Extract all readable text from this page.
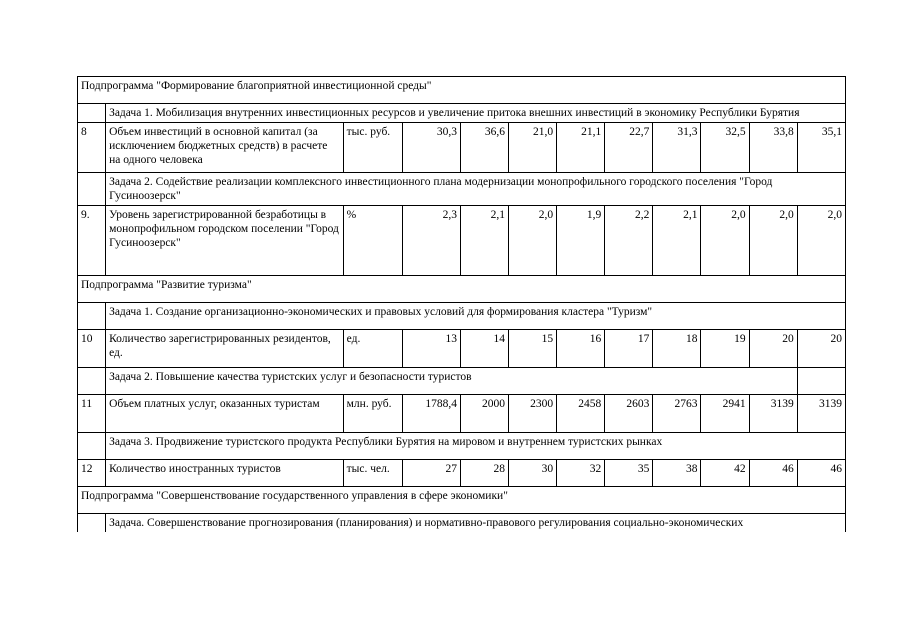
Подпрограмма "Формирование благоприятной инвестиционной среды"											
	Задача 1. Мобилизация внутренних инвестиционных ресурсов и увеличение притока внешних инвестиций в экономику Республики Бурятия										
8	Объем инвестиций в основной капитал (за исключением бюджетных средств) в расчете на одного человека	тыс. руб.	30,3	36,6	21,0	21,1	22,7	31,3	32,5	33,8	35,1
	Задача 2. Содействие реализации комплексного инвестиционного плана модернизации монопрофильного городского поселения "Город Гусиноозерск"										
9.	Уровень зарегистрированной безработицы в монопрофильном городском поселении "Город Гусиноозерск"	%	2,3	2,1	2,0	1,9	2,2	2,1	2,0	2,0	2,0
Подпрограмма "Развитие туризма"											
	Задача 1. Создание организационно-экономических и правовых условий для формирования кластера "Туризм"										
10	Количество зарегистрированных резидентов, ед.	ед.	13	14	15	16	17	18	19	20	20
	Задача 2. Повышение качества туристских услуг и безопасности туристов										
11	Объем платных услуг, оказанных туристам	млн. руб.	1788,4	2000	2300	2458	2603	2763	2941	3139	3139
	Задача 3. Продвижение туристского продукта Республики Бурятия на мировом и внутреннем туристских рынках										
12	Количество иностранных туристов	тыс. чел.	27	28	30	32	35	38	42	46	46
Подпрограмма "Совершенствование государственного управления в сфере экономики"											
	Задача. Совершенствование прогнозирования (планирования) и нормативно-правового регулирования социально-экономических										
